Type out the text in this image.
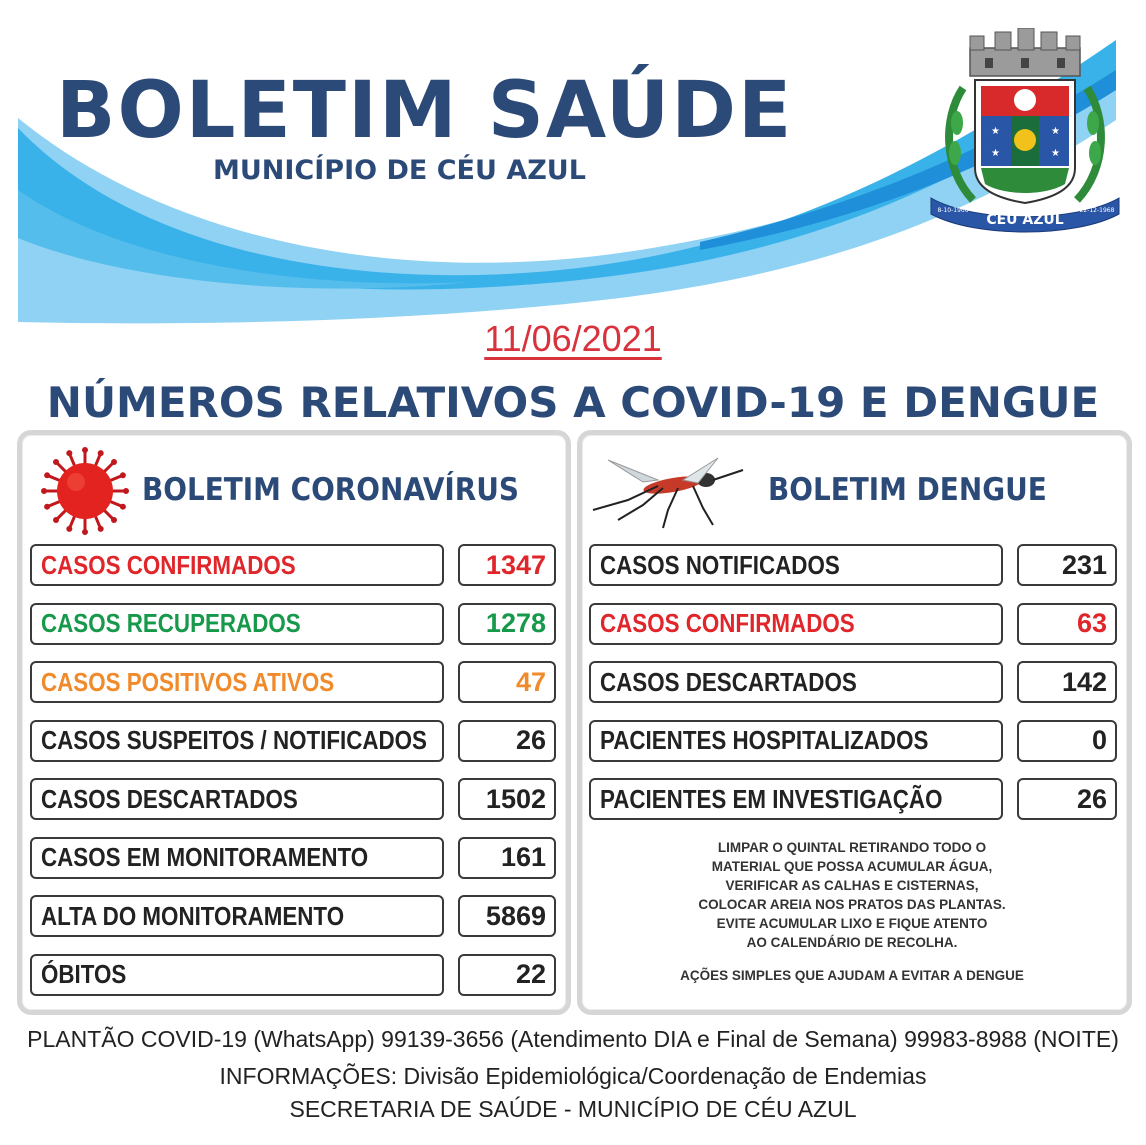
BOLETIM SAÚDE
MUNICÍPIO DE CÉU AZUL
★	★
★	★
CÉU AZUL
8-10-1966	22-12-1968
11/06/2021
NÚMEROS RELATIVOS A COVID-19 E DENGUE
BOLETIM CORONAVÍRUS
CASOS CONFIRMADOS	1347
CASOS RECUPERADOS	1278
CASOS POSITIVOS ATIVOS	47
CASOS SUSPEITOS / NOTIFICADOS	26
CASOS DESCARTADOS	1502
CASOS EM MONITORAMENTO	161
ALTA DO MONITORAMENTO	5869
ÓBITOS	22
BOLETIM DENGUE
CASOS NOTIFICADOS	231
CASOS CONFIRMADOS	63
CASOS DESCARTADOS	142
PACIENTES HOSPITALIZADOS	0
PACIENTES EM INVESTIGAÇÃO	26

LIMPAR O QUINTAL RETIRANDO TODO O

MATERIAL QUE POSSA ACUMULAR ÁGUA,

VERIFICAR AS CALHAS E CISTERNAS,

COLOCAR AREIA NOS PRATOS DAS PLANTAS.

EVITE ACUMULAR LIXO E FIQUE ATENTO

AO CALENDÁRIO DE RECOLHA.

AÇÕES SIMPLES QUE AJUDAM A EVITAR A DENGUE
PLANTÃO COVID-19 (WhatsApp) 99139-3656 (Atendimento DIA e Final de Semana) 99983-8988 (NOITE)
INFORMAÇÕES: Divisão Epidemiológica/Coordenação de Endemias
SECRETARIA DE SAÚDE - MUNICÍPIO DE CÉU AZUL
